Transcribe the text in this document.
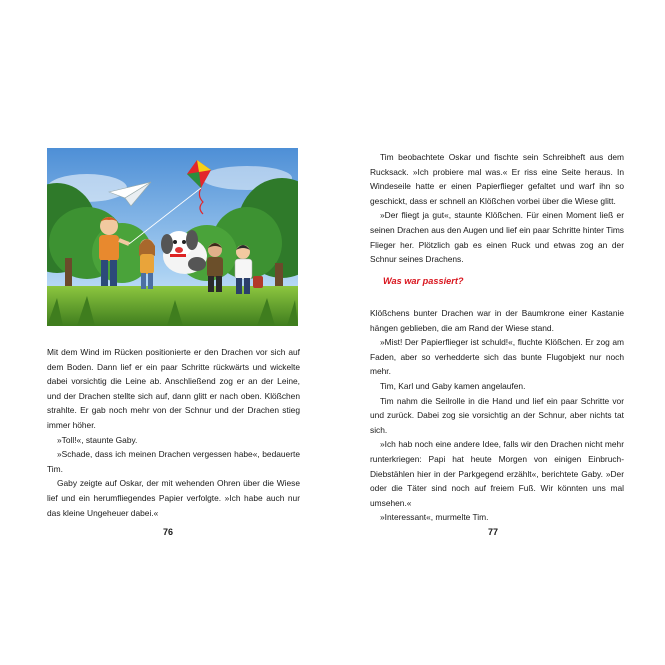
Mit dem Wind im Rücken positionierte er den Drachen vor sich auf dem Boden. Dann lief er ein paar Schritte rückwärts und wickelte dabei vorsichtig die Leine ab. Anschließend zog er an der Leine, und der Drachen stellte sich auf, dann glitt er nach oben. Klößchen strahlte. Er gab noch mehr von der Schnur und der Drachen stieg immer höher.

»Toll!«, staunte Gaby.

»Schade, dass ich meinen Drachen vergessen habe«, bedauerte Tim.

Gaby zeigte auf Oskar, der mit wehenden Ohren über die Wiese lief und ein herumfliegendes Papier verfolgte. »Ich habe auch nur das kleine Ungeheuer dabei.«

76

Tim beobachtete Oskar und fischte sein Schreibheft aus dem Rucksack. »Ich probiere mal was.« Er riss eine Seite heraus. In Windeseile hatte er einen Papierflieger gefaltet und warf ihn so geschickt, dass er schnell an Klößchen vorbei über die Wiese glitt.

»Der fliegt ja gut«, staunte Klößchen. Für einen Moment ließ er seinen Drachen aus den Augen und lief ein paar Schritte hinter Tims Flieger her. Plötzlich gab es einen Ruck und etwas zog an der Schnur seines Drachens.

Was war passiert?

Klößchens bunter Drachen war in der Baumkrone einer Kastanie hängen geblieben, die am Rand der Wiese stand.

»Mist! Der Papierflieger ist schuld!«, fluchte Klößchen. Er zog am Faden, aber so verhedderte sich das bunte Flugobjekt nur noch mehr.

Tim, Karl und Gaby kamen angelaufen.

Tim nahm die Seilrolle in die Hand und lief ein paar Schritte vor und zurück. Dabei zog sie vorsichtig an der Schnur, aber nichts tat sich.

»Ich hab noch eine andere Idee, falls wir den Drachen nicht mehr runterkriegen: Papi hat heute Morgen von einigen Einbruch-Diebstählen hier in der Parkgegend erzählt«, berichtete Gaby. »Der oder die Täter sind noch auf freiem Fuß. Wir könnten uns mal umsehen.«

»Interessant«, murmelte Tim.

77
